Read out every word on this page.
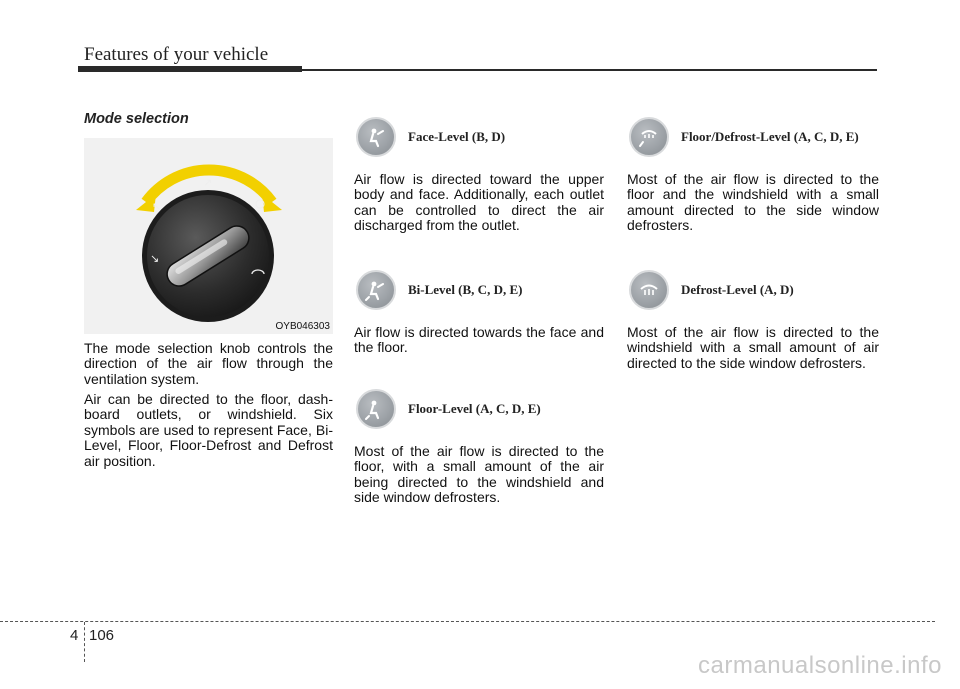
Features of your vehicle
Mode selection
↖
↗
↘
OYB046303

The mode selection knob controls the direction of the air flow through the ventilation system.

Air can be directed to the floor, dash-board outlets, or windshield. Six symbols are used to represent Face, Bi-Level, Floor, Floor-Defrost and Defrost air position.

Face-Level (B, D)

Air flow is directed toward the upper body and face. Additionally, each outlet can be controlled to direct the air discharged from the outlet.

Bi-Level (B, C, D, E)

Air flow is directed towards the face and the floor.

Floor-Level (A, C, D, E)

Most of the air flow is directed to the floor, with a small amount of the air being directed to the windshield and side window defrosters.

Floor/Defrost-Level (A, C, D, E)

Most of the air flow is directed to the floor and the windshield with a small amount directed to the side window defrosters.

Defrost-Level (A, D)

Most of the air flow is directed to the windshield with a small amount of air directed to the side window defrosters.

4 106
carmanualsonline.info
